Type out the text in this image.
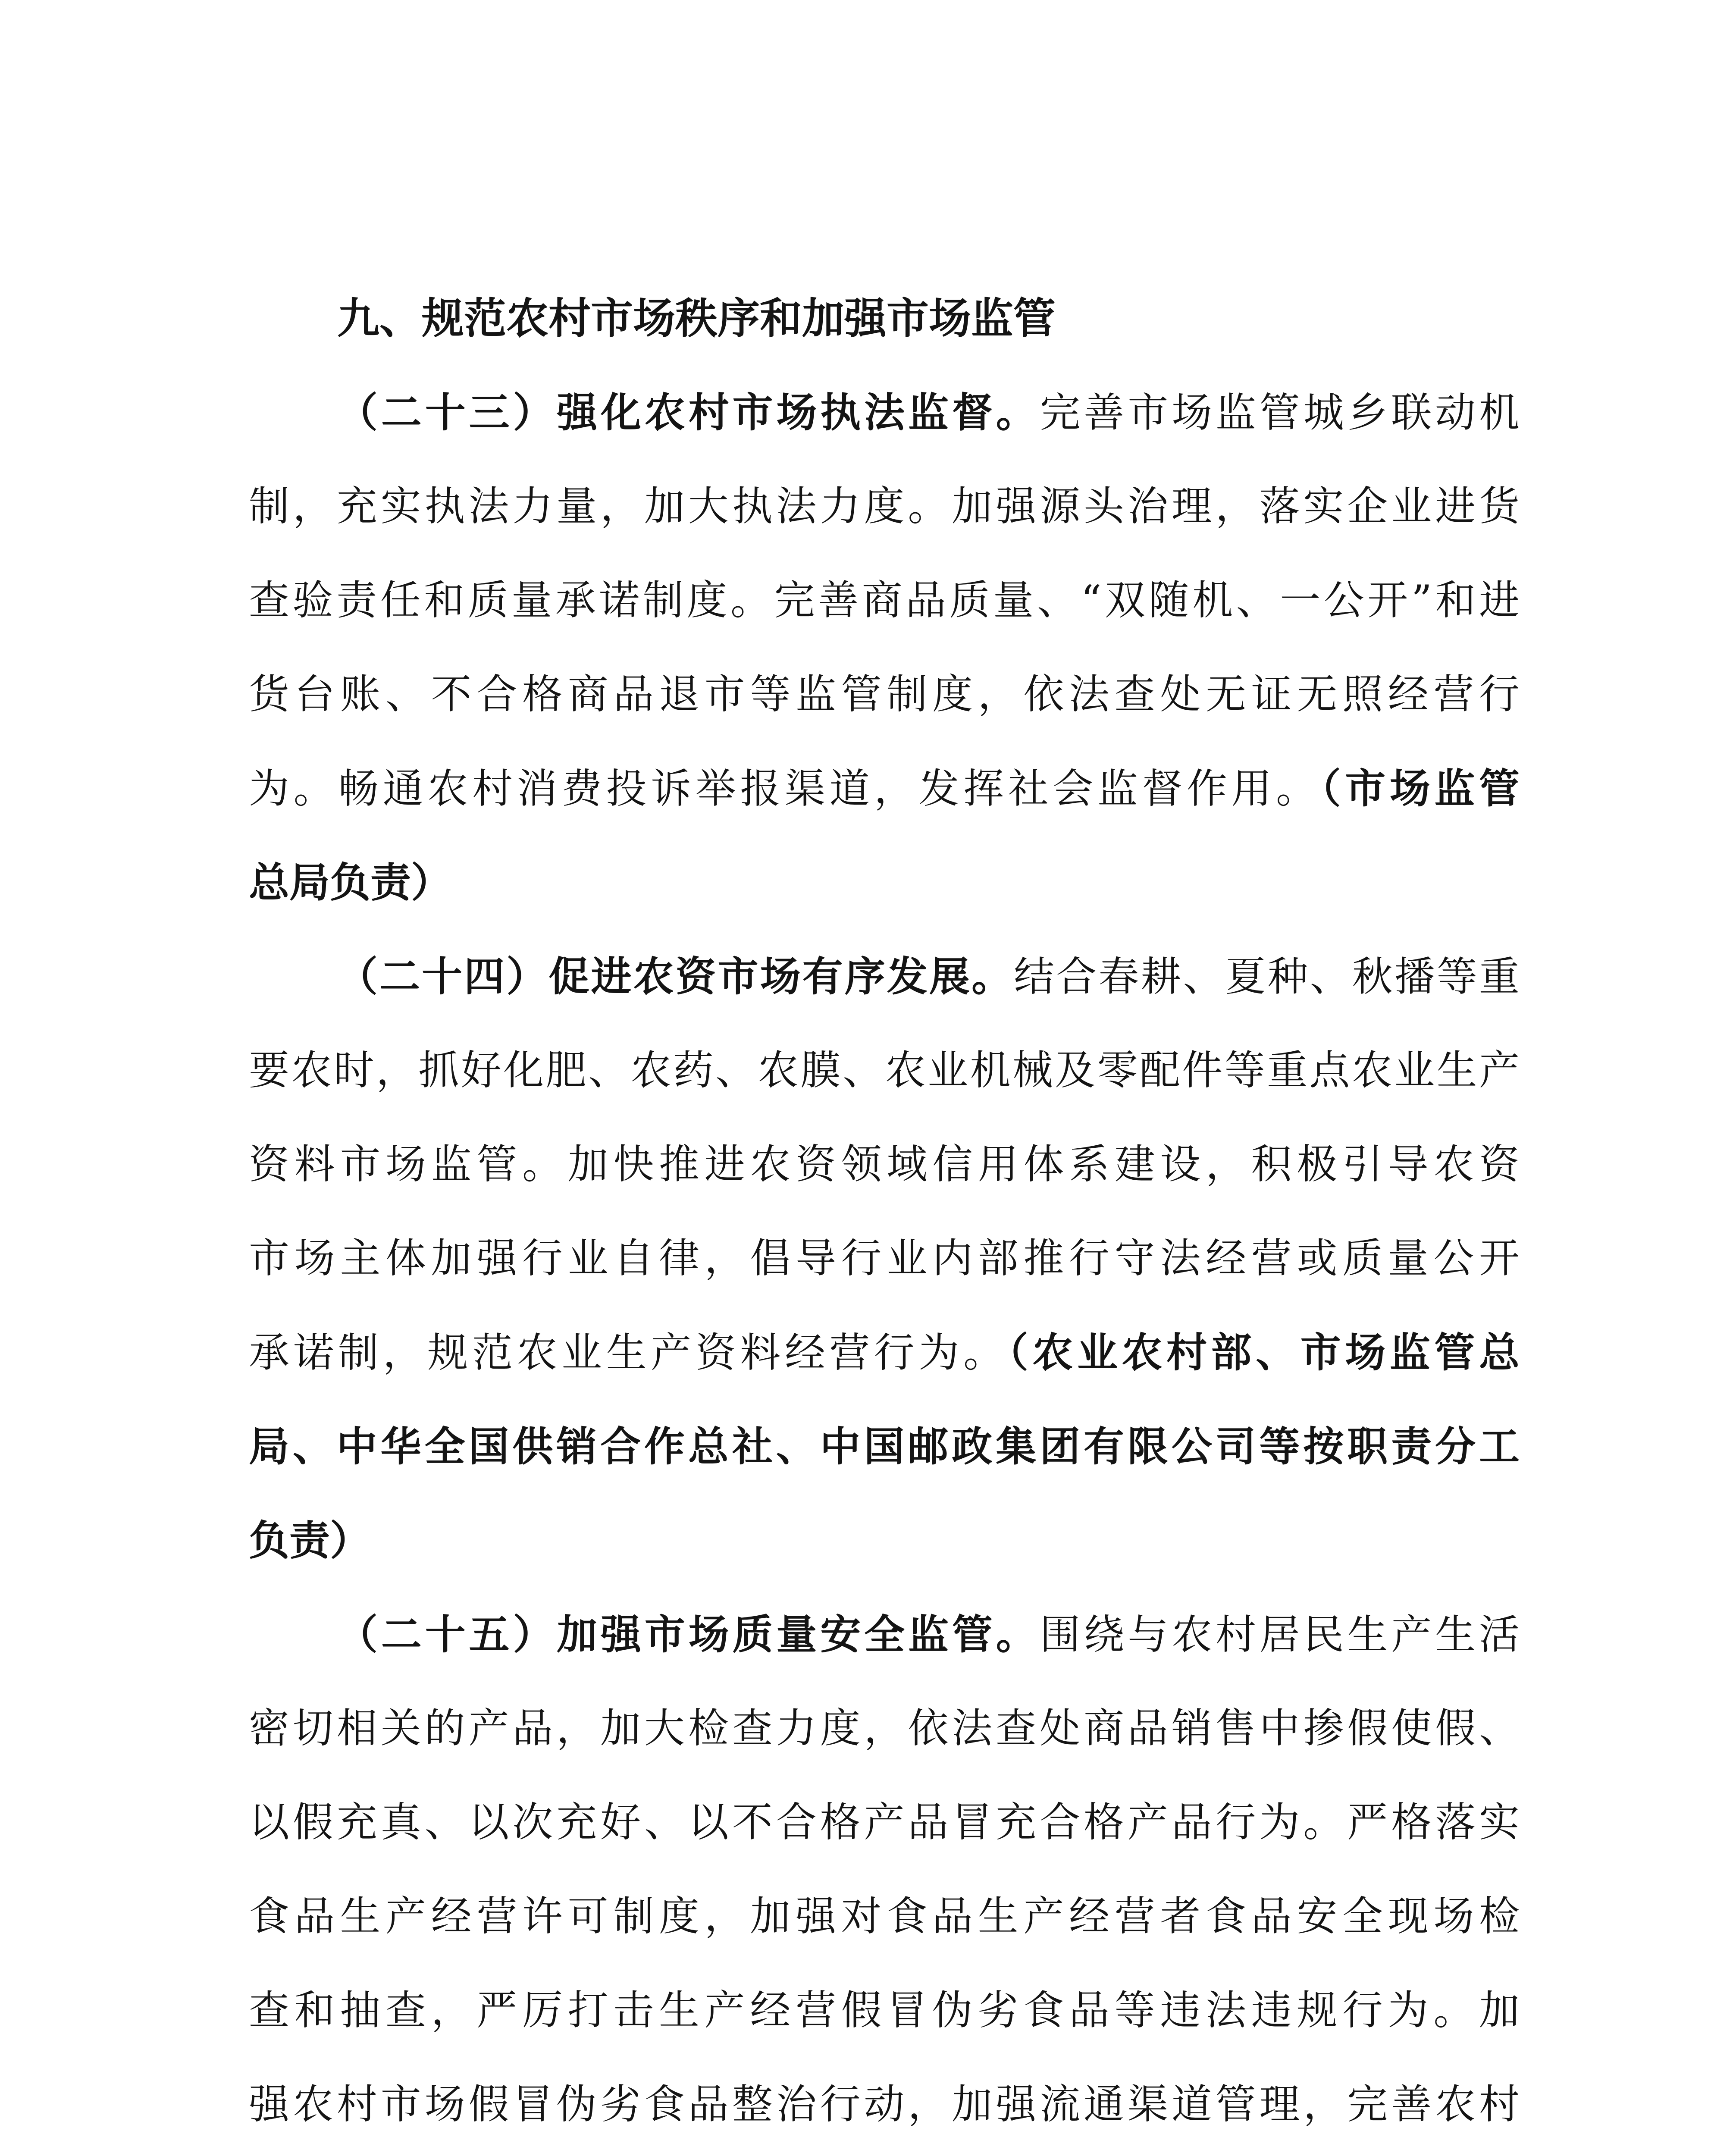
九、规范农村市场秩序和加强市场监管
（二十三）强化农村市场执法监督。完善市场监管城乡联动机
制，充实执法力量，加大执法力度。加强源头治理，落实企业进货
查验责任和质量承诺制度。完善商品质量、“双随机、一公开”和进
货台账、不合格商品退市等监管制度，依法查处无证无照经营行
为。畅通农村消费投诉举报渠道，发挥社会监督作用。（市场监管
总局负责）
（二十四）促进农资市场有序发展。结合春耕、夏种、秋播等重
要农时，抓好化肥、农药、农膜、农业机械及零配件等重点农业生产
资料市场监管。加快推进农资领域信用体系建设，积极引导农资
市场主体加强行业自律，倡导行业内部推行守法经营或质量公开
承诺制，规范农业生产资料经营行为。（农业农村部、市场监管总
局、中华全国供销合作总社、中国邮政集团有限公司等按职责分工
负责）
（二十五）加强市场质量安全监管。围绕与农村居民生产生活
密切相关的产品，加大检查力度，依法查处商品销售中掺假使假、
以假充真、以次充好、以不合格产品冒充合格产品行为。严格落实
食品生产经营许可制度，加强对食品生产经营者食品安全现场检
查和抽查，严厉打击生产经营假冒伪劣食品等违法违规行为。加
强农村市场假冒伪劣食品整治行动，加强流通渠道管理，完善农村
